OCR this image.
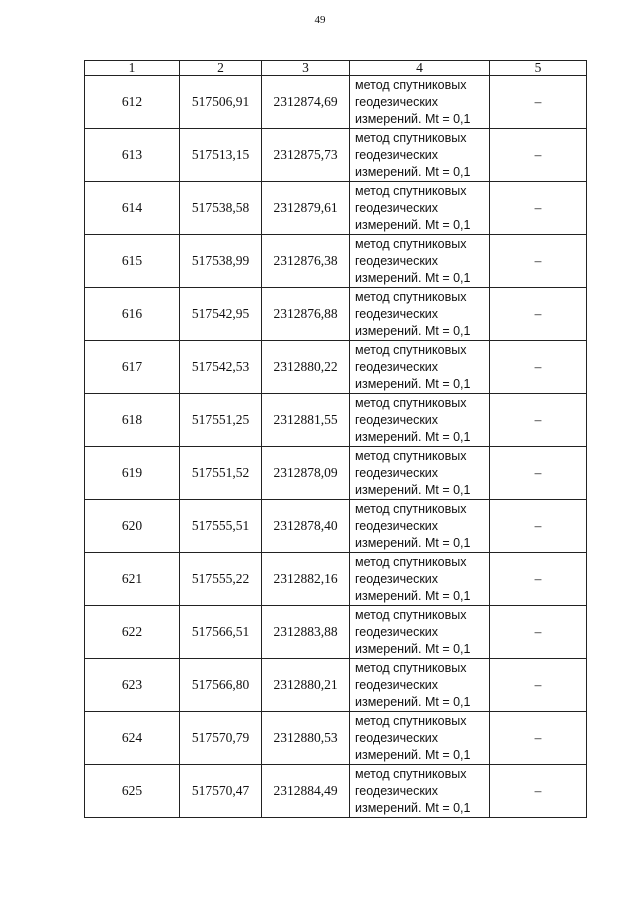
49
1	2	3	4	5
612	517506,91	2312874,69	метод спутниковых
геодезических
измерений. Mt = 0,1	–
613	517513,15	2312875,73	метод спутниковых
геодезических
измерений. Mt = 0,1	–
614	517538,58	2312879,61	метод спутниковых
геодезических
измерений. Mt = 0,1	–
615	517538,99	2312876,38	метод спутниковых
геодезических
измерений. Mt = 0,1	–
616	517542,95	2312876,88	метод спутниковых
геодезических
измерений. Mt = 0,1	–
617	517542,53	2312880,22	метод спутниковых
геодезических
измерений. Mt = 0,1	–
618	517551,25	2312881,55	метод спутниковых
геодезических
измерений. Mt = 0,1	–
619	517551,52	2312878,09	метод спутниковых
геодезических
измерений. Mt = 0,1	–
620	517555,51	2312878,40	метод спутниковых
геодезических
измерений. Mt = 0,1	–
621	517555,22	2312882,16	метод спутниковых
геодезических
измерений. Mt = 0,1	–
622	517566,51	2312883,88	метод спутниковых
геодезических
измерений. Mt = 0,1	–
623	517566,80	2312880,21	метод спутниковых
геодезических
измерений. Mt = 0,1	–
624	517570,79	2312880,53	метод спутниковых
геодезических
измерений. Mt = 0,1	–
625	517570,47	2312884,49	метод спутниковых
геодезических
измерений. Mt = 0,1	–
